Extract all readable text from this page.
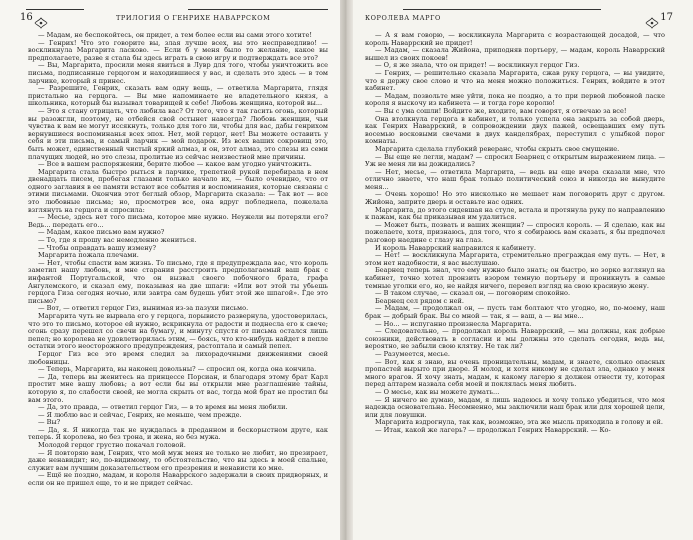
16	ТРИЛОГИЯ О ГЕНРИХЕ НАВАРРСКОМ

— Мадам, не беспокойтесь, он придет, а тем более если вы сами этого хотите!

— Генрих! Что это говорите вы, злая лучше всех, вы это несправедливо! — воскликнула Маргарита ласково. — Если б у меня было то желание, какое вы предполагаете, разве я стала бы здесь играть в свою игру и подтверждать все это?

— Вы, Маргарита, просили меня явиться в Лувр для того, чтобы уничтожить все письма, подписанные герцогом и находившиеся у вас, и сделать это здесь — в том ларчике, который я принес.

— Разрешите, Генрих, сказать вам одну вещь, — ответила Маргарита, глядя пристально на герцога. — Вы мне напоминаете не владетельного князя, а школьника, который бы вызывал товарищей к себе! Любовь женщина, которой вы...

— Это я стану отрицать, что любила вас? От того, что я так гасить огонь, который вы разожгли, поэтому, не отбейся свой остынет навсегда? Любовь женщин, чьи чувства к вам не могут иссякнуть, только для того ли, чтобы для вас, дабы генрихом вернувшиеся воспоминанья всех эпох. Нет, мой герцог, нет! Вы можете оставить у себя и эти письма, и самый ларчик — мой подарок. Из всех ваших сокровищ это, быть может, единственный чистый яркий алмаз, и он, этот алмаз, это слезы из семи плачущих людей, но это слезы, пролитые из сейчас неизвестной мне причины.

— Все в вашем распоряжении, берите любое — какое вам угодно уничтожить.

Маргарита стала быстро рыться в ларчике, трепетной рукой перебирала в нем двенадцать писем, пробегая глазами только начало их, — было очевидно, что от одного заглавия в ее памяти встают все события и воспоминания, которые связаны с этими письмами. Окончив этот беглый обзор, Маргарита сказала: — Так вот — все это любовные письма; но, просмотрев все, она вдруг побледнела, пожелала взглянуть на герцога и спросила:

— Месье, здесь нет того письма, которое мне нужно. Неужели вы потеряли его? Ведь... передать его...

— Мадам, какое письмо вам нужно?

— То, где я прошу вас немедленно жениться.

— Чтобы оправдать вашу измену?

Маргарита пожала плечами.

— Нет, чтобы спасти вам жизнь. То письмо, где я предупреждала вас, что король заметил нашу любовь, и мне старания расстроить предполагаемый ваш брак с инфантой Португальской, что он вызвал своего побочного брата, графа Ангулемского, и сказал ему, показывая на две шпаги: «Или вот этой ты убьешь герцога Гиза сегодня ночью, или завтра сам будешь убит этой же шпагой». Где это письмо?

— Вот, — ответил герцог Гиз, вынимая из-за пазухи письмо.

Маргарита чуть не вырвала его у герцога, порывисто развернула, удостоверилась, что это то письмо, которое ей нужно, вскрикнула от радости и поднесла его к свече; огонь сразу перешел со свечи на бумагу, и минуту спустя от письма остался лишь пепел; но королева не удовлетворилась этим, — боясь, что кто-нибудь найдет в пепле остатки этого неосторожного предупреждения, растоптала и самый пепел.

Герцог Гиз все это время следил за лихорадочными движениями своей любовницы.

— Теперь, Маргарита, вы наконец довольны? — спросил он, когда она кончила.

— Да, теперь вы женитесь на принцессе Порсиан, и благодаря этому брат Карл простит мне вашу любовь; а вот если бы вы открыли мне разглашение тайны, которую я, по слабости своей, не могла скрыть от вас, тогда мой брат не простил бы вам этого.

— Да, это правда, — ответил герцог Гиз, — в то время вы меня любили.

— Я люблю вас и сейчас, Генрих, не меньше, чем прежде.

— Вы?

— Да, я. Я никогда так не нуждалась в преданном и бескорыстном друге, как теперь. Я королева, но без трона, и жена, но без мужа.

Молодой герцог грустно покачал головой.

— Я повторяю вам, Генрих, что мой муж меня не только не любит, но презирает, даже ненавидит; но, по-видимому, то обстоятельство, что вы здесь в моей спальне, служит вам лучшим доказательством его презрения и ненависти ко мне.

— Ещё не поздно, мадам, и короля Наваррского задержали в своих придворных, и если он не пришел еще, то и не придет сейчас.

КОРОЛЕВА МАРГО	17

— А я вам говорю, — воскликнула Маргарита с возрастающей досадой, — что король Наваррский не придет!

— Мадам, — сказала Жийона, приподняв портьеру, — мадам, король Наваррский вышел из своих покоев!

— О, я же знала, что он придет! — воскликнул герцог Гиз.

— Генрих, — решительно сказала Маргарита, сжав руку герцога, — вы увидите, что я держу свое слово и что на меня можно положиться. Генрих, войдите в этот кабинет.

— Мадам, позвольте мне уйти, пока не поздно, а то при первой любовной ласке короля я выскочу из кабинета — и тогда горе королю!

— Вы с ума сошли! Войдите же, входите, вам говорят, я отвечаю за все!

Она втолкнула герцога в кабинет, и только успела она закрыть за собой дверь, как Генрих Наваррский, в сопровождении двух пажей, освещавших ему путь восемью восковыми свечами в двух канделябрах, переступил с улыбкой порог комнаты.

Маргарита сделала глубокий реверанс, чтобы скрыть свое смущение.

— Вы еще не легли, мадам? — спросил Беарнец с открытым выражением лица. — Уж не меня ли вы дожидались?

— Нет, месье, — ответила Маргарита, — ведь вы еще вчера сказали мне, что отлично знаете, что наш брак только политический союз и никогда не вынудите меня...

— Очень хорошо! Но это нисколько не мешает нам поговорить друг с другом. Жийона, заприте дверь и оставьте нас одних.

Маргарита, до этого сидевшая на стуле, встала и протянула руку по направлению к пажам, как бы приказывая им удалиться.

— Может быть, позвать и ваших женщин? — спросил король. — Я сделаю, как вы пожелаете, хотя, признаюсь, для того, что я собираюсь вам сказать, я бы предпочел разговор наедине с глазу на глаз.

И король Наваррский направился к кабинету.

— Нет! — воскликнула Маргарита, стремительно преграждая ему путь. — Нет, в этом нет надобности, я вас выслушаю.

Беарнец теперь знал, что ему нужно было знать; он быстро, но зорко взглянул на кабинет, точно хотел пронзить взором темную портьеру и проникнуть в самые темные уголки его, но, не найдя ничего, перевел взгляд на свою красивую жену.

— В таком случае, — сказал он, — поговорим спокойно.

Беарнец сел рядом с ней.

— Мадам, — продолжал он, — пусть там болтают что угодно, но, по-моему, наш брак — добрый брак. Вы со мной — так, я — ваш, а — вы мне...

— Но... — испуганно произнесла Маргарита.

— Следовательно, — продолжал король Наваррский, — мы должны, как добрые союзники, действовать в согласии и мы должны это сделать сегодня, ведь вы, вероятно, не забыли свою клятву. Не так ли?

— Разумеется, месье.

— Вот, как я знаю, вы очень проницательны, мадам, и знаете, сколько опасных пропастей вырыто при дворе. Я молод, и хотя никому не сделал зла, однако у меня много врагов. Я хочу знать, мадам, к какому лагерю я должен отнести ту, которая перед алтарем назвала себя моей и поклялась меня любить.

— О месье, как вы можете думать...

— Я ничего не думаю, мадам, я лишь надеюсь и хочу только убедиться, что моя надежда основательна. Несомненно, мы заключили наш брак или для хорошей цели, или для ловушки.

Маргарита вздрогнула, так как, возможно, эта же мысль приходила в голову и ей.

— Итак, какой же лагерь? — продолжал Генрих Наваррский. — Ко-
